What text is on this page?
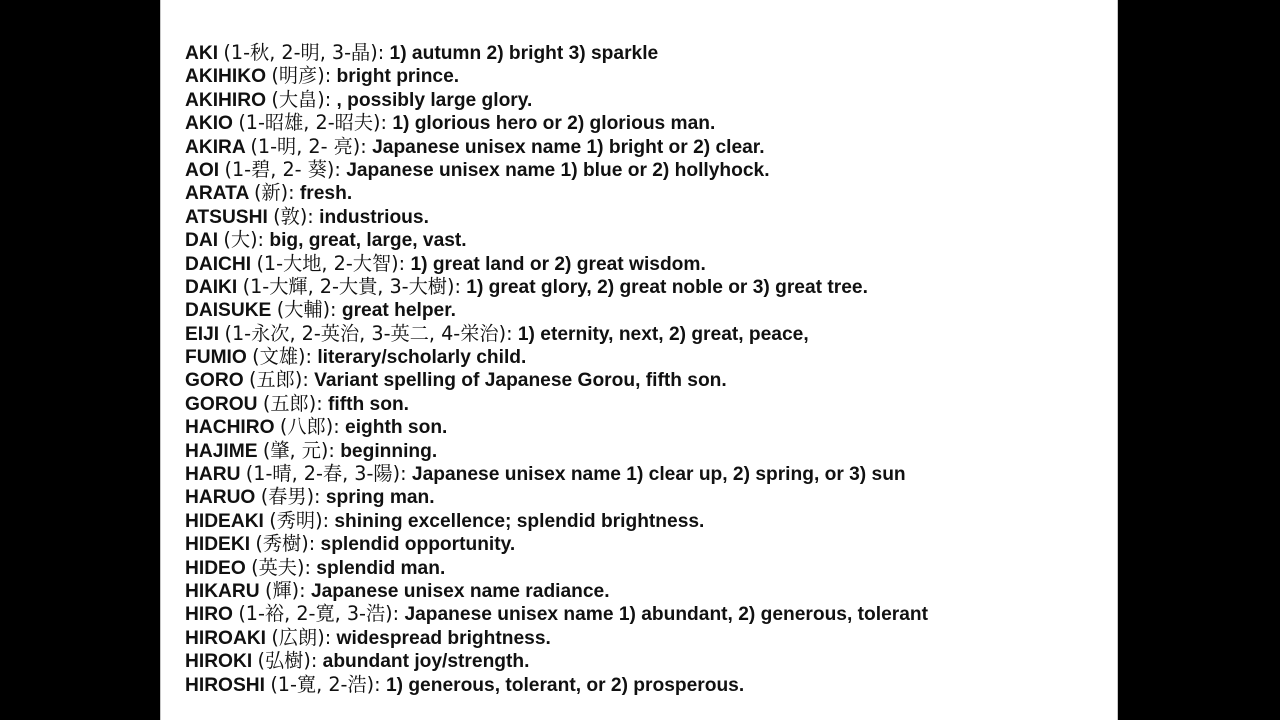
AKI (1-秋, 2-明, 3-晶): 1) autumn 2) bright 3) sparkle
AKIHIKO (明彦): bright prince.
AKIHIRO (大畠): , possibly large glory.
AKIO (1-昭雄, 2-昭夫): 1) glorious hero or 2) glorious man.
AKIRA (1-明, 2- 亮): Japanese unisex name 1) bright or 2) clear.
AOI (1-碧, 2- 葵): Japanese unisex name 1) blue or 2) hollyhock.
ARATA (新): fresh.
ATSUSHI (敦): industrious.
DAI (大): big, great, large, vast.
DAICHI (1-大地, 2-大智): 1) great land or 2) great wisdom.
DAIKI (1-大輝, 2-大貴, 3-大樹): 1) great glory, 2) great noble or 3) great tree.
DAISUKE (大輔): great helper.
EIJI (1-永次, 2-英治, 3-英二, 4-栄治): 1) eternity, next, 2) great, peace,
FUMIO (文雄): literary/scholarly child.
GORO (五郎): Variant spelling of Japanese Gorou, fifth son.
GOROU (五郎): fifth son.
HACHIRO (八郎): eighth son.
HAJIME (肇, 元): beginning.
HARU (1-晴, 2-春, 3-陽): Japanese unisex name 1) clear up, 2) spring, or 3) sun
HARUO (春男): spring man.
HIDEAKI (秀明): shining excellence; splendid brightness.
HIDEKI (秀樹): splendid opportunity.
HIDEO (英夫): splendid man.
HIKARU (輝): Japanese unisex name radiance.
HIRO (1-裕, 2-寛, 3-浩): Japanese unisex name 1) abundant, 2) generous, tolerant
HIROAKI (広朗): widespread brightness.
HIROKI (弘樹): abundant joy/strength.
HIROSHI (1-寛, 2-浩): 1) generous, tolerant, or 2) prosperous.
